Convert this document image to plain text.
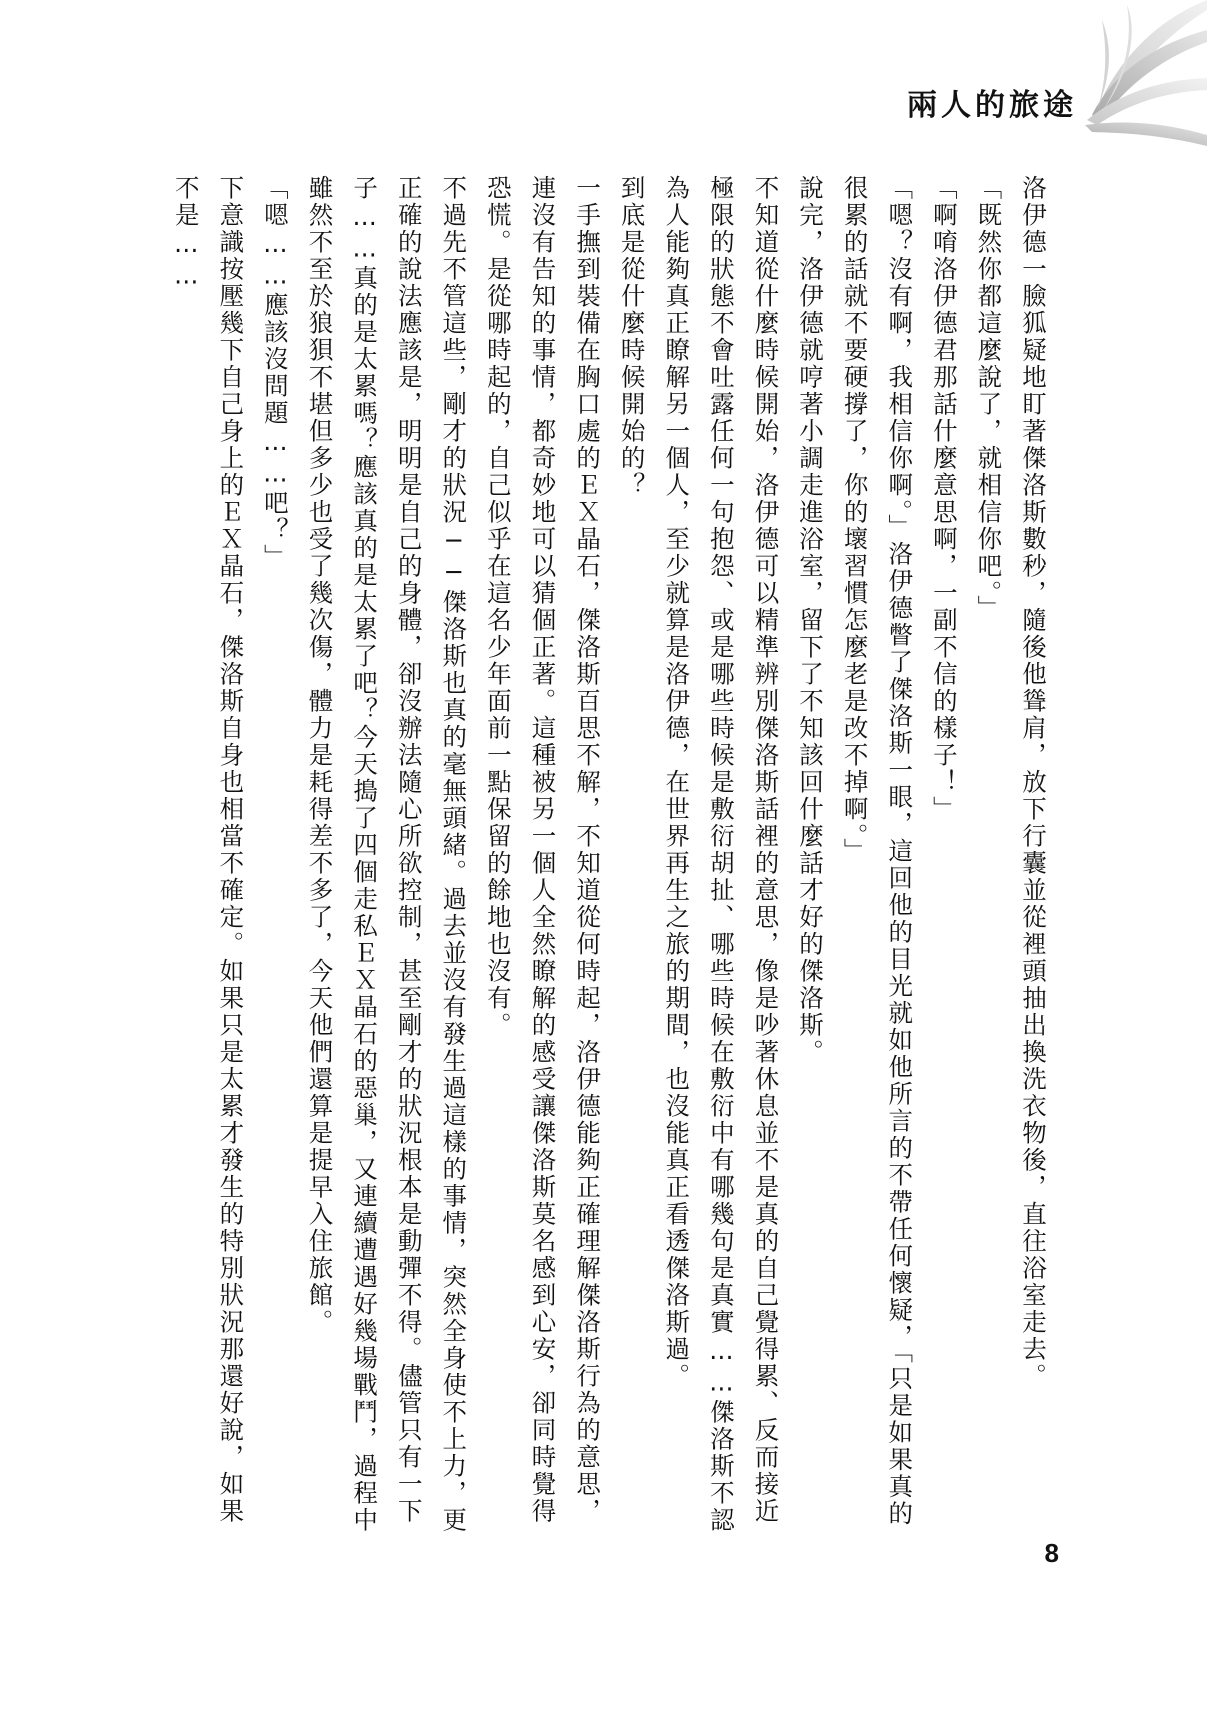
兩人的旅途

洛伊德一臉狐疑地盯著傑洛斯數秒，隨後他聳肩，放下行囊並從裡頭抽出換洗衣物後，直往浴室走去。

「既然你都這麼說了，就相信你吧。」

「啊唷洛伊德君那話什麼意思啊，一副不信的樣子！」

「嗯？沒有啊，我相信你啊。」洛伊德瞥了傑洛斯一眼，這回他的目光就如他所言的不帶任何懷疑，「只是如果真的很累的話就不要硬撐了，你的壞習慣怎麼老是改不掉啊。」

說完，洛伊德就哼著小調走進浴室，留下了不知該回什麼話才好的傑洛斯。

不知道從什麼時候開始，洛伊德可以精準辨別傑洛斯話裡的意思，像是吵著休息並不是真的自己覺得累、反而接近極限的狀態不會吐露任何一句抱怨、或是哪些時候是敷衍胡扯、哪些時候在敷衍中有哪幾句是真實……傑洛斯不認為人能夠真正瞭解另一個人，至少就算是洛伊德，在世界再生之旅的期間，也沒能真正看透傑洛斯過。

到底是從什麼時候開始的？

一手撫到裝備在胸口處的ＥＸ晶石，傑洛斯百思不解，不知道從何時起，洛伊德能夠正確理解傑洛斯行為的意思，連沒有告知的事情，都奇妙地可以猜個正著。這種被另一個人全然瞭解的感受讓傑洛斯莫名感到心安，卻同時覺得恐慌。是從哪時起的，自己似乎在這名少年面前一點保留的餘地也沒有。

不過先不管這些，剛才的狀況──傑洛斯也真的毫無頭緒。過去並沒有發生過這樣的事情，突然全身使不上力，更正確的說法應該是，明明是自己的身體，卻沒辦法隨心所欲控制，甚至剛才的狀況根本是動彈不得。儘管只有一下子……真的是太累嗎？應該真的是太累了吧？今天搗了四個走私ＥＸ晶石的惡巢，又連續遭遇好幾場戰鬥，過程中雖然不至於狼狽不堪但多少也受了幾次傷，體力是耗得差不多了，今天他們還算是提早入住旅館。

「嗯……應該沒問題……吧？」

下意識按壓幾下自己身上的ＥＸ晶石，傑洛斯自身也相當不確定。如果只是太累才發生的特別狀況那還好說，如果不是……

8
